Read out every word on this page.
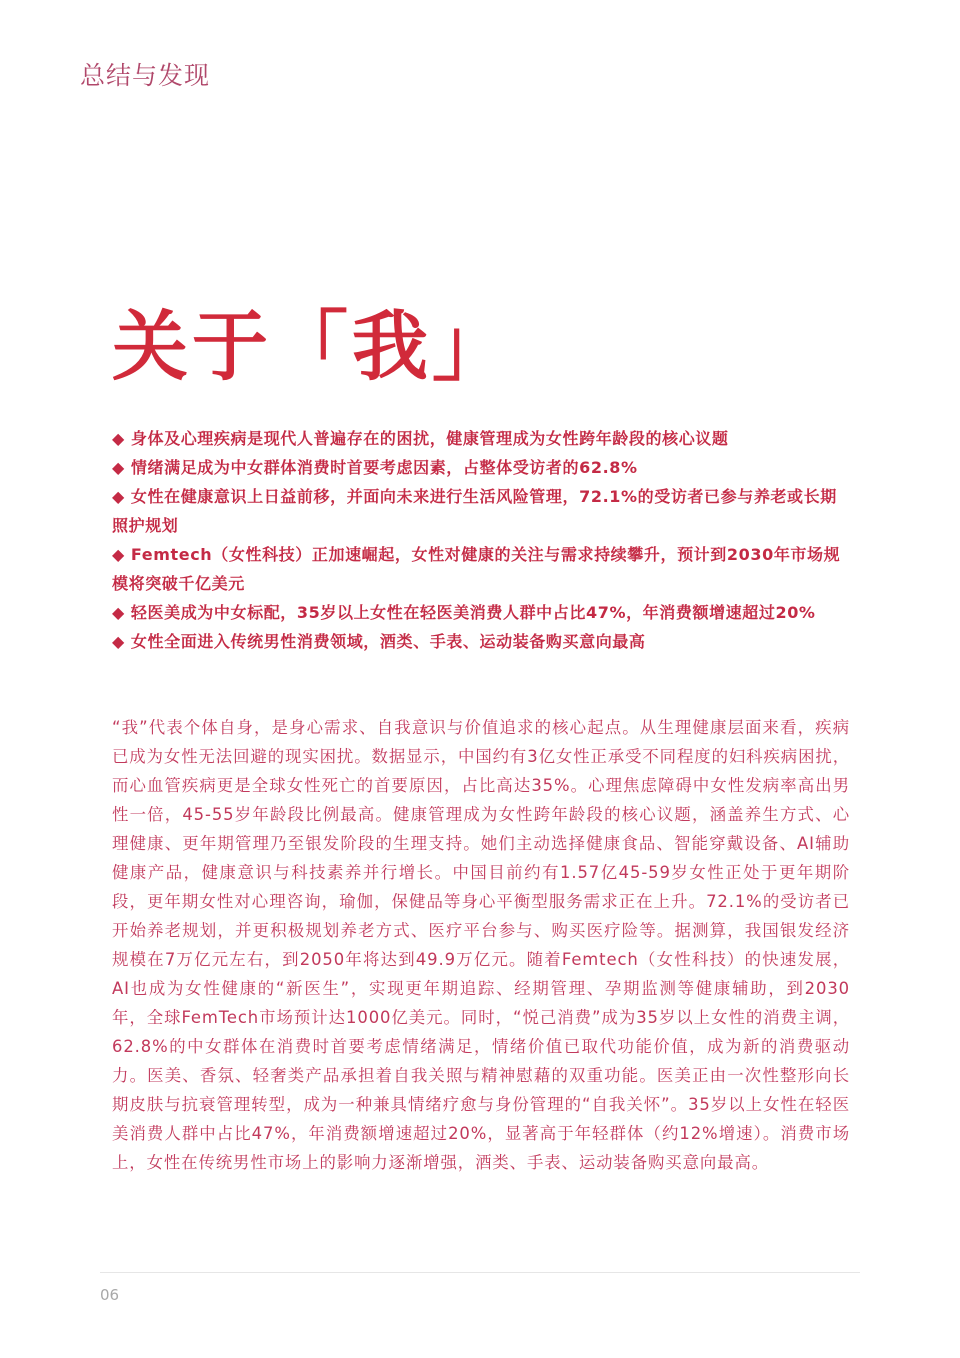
总结与发现
关于「我」
◆ 身体及心理疾病是现代人普遍存在的困扰，健康管理成为女性跨年龄段的核心议题
◆ 情绪满足成为中女群体消费时首要考虑因素，占整体受访者的62.8%
◆ 女性在健康意识上日益前移，并面向未来进行生活风险管理，72.1%的受访者已参与养老或长期照护规划
◆ Femtech（女性科技）正加速崛起，女性对健康的关注与需求持续攀升，预计到2030年市场规模将突破千亿美元
◆ 轻医美成为中女标配，35岁以上女性在轻医美消费人群中占比47%，年消费额增速超过20%
◆ 女性全面进入传统男性消费领域，酒类、手表、运动装备购买意向最高

“我”代表个体自身，是身心需求、自我意识与价值追求的核心起点。从生理健康层面来看，疾病已成为女性无法回避的现实困扰。数据显示，中国约有3亿女性正承受不同程度的妇科疾病困扰，而心血管疾病更是全球女性死亡的首要原因，占比高达35%。心理焦虑障碍中女性发病率高出男性一倍，45-55岁年龄段比例最高。健康管理成为女性跨年龄段的核心议题，涵盖养生方式、心理健康、更年期管理乃至银发阶段的生理支持。她们主动选择健康食品、智能穿戴设备、AI辅助健康产品，健康意识与科技素养并行增长。中国目前约有1.57亿45-59岁女性正处于更年期阶段，更年期女性对心理咨询，瑜伽，保健品等身心平衡型服务需求正在上升。72.1%的受访者已开始养老规划，并更积极规划养老方式、医疗平台参与、购买医疗险等。据测算，我国银发经济规模在7万亿元左右，到2050年将达到49.9万亿元。随着Femtech（女性科技）的快速发展，AI也成为女性健康的“新医生”，实现更年期追踪、经期管理、孕期监测等健康辅助，到2030年，全球FemTech市场预计达1000亿美元。同时，“悦己消费”成为35岁以上女性的消费主调，62.8%的中女群体在消费时首要考虑情绪满足，情绪价值已取代功能价值，成为新的消费驱动力。医美、香氛、轻奢类产品承担着自我关照与精神慰藉的双重功能。医美正由一次性整形向长期皮肤与抗衰管理转型，成为一种兼具情绪疗愈与身份管理的“自我关怀”。35岁以上女性在轻医美消费人群中占比47%，年消费额增速超过20%，显著高于年轻群体（约12%增速）。消费市场上，女性在传统男性市场上的影响力逐渐增强，酒类、手表、运动装备购买意向最高。

06
